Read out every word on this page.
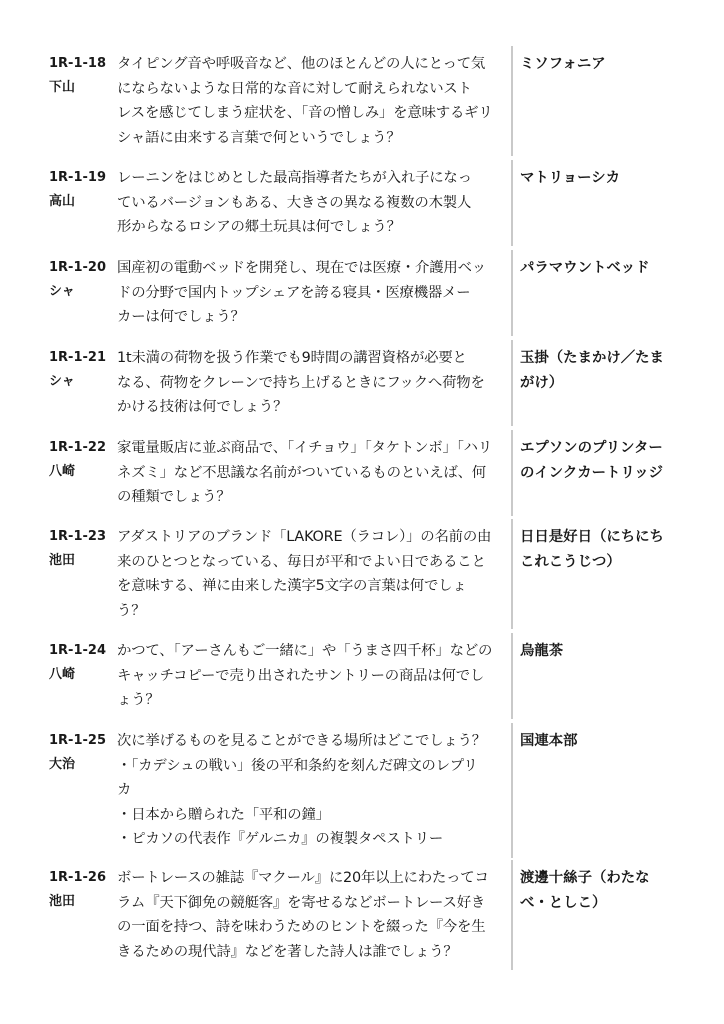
1R-1-18
下山
タイピング音や呼吸音など、他のほとんどの人にとって気
にならないような日常的な音に対して耐えられないスト
レスを感じてしまう症状を、「音の憎しみ」を意味するギリ
シャ語に由来する言葉で何というでしょう？
ミソフォニア
1R-1-19
高山
レーニンをはじめとした最高指導者たちが入れ子になっ
ているバージョンもある、大きさの異なる複数の木製人
形からなるロシアの郷土玩具は何でしょう？
マトリョーシカ
1R-1-20
シャ
国産初の電動ベッドを開発し、現在では医療・介護用ベッ
ドの分野で国内トップシェアを誇る寝具・医療機器メー
カーは何でしょう？
パラマウントベッド
1R-1-21
シャ
1t未満の荷物を扱う作業でも9時間の講習資格が必要と
なる、荷物をクレーンで持ち上げるときにフックへ荷物を
かける技術は何でしょう？
玉掛（たまかけ／たま
がけ）
1R-1-22
八崎
家電量販店に並ぶ商品で、「イチョウ」「タケトンボ」「ハリ
ネズミ」など不思議な名前がついているものといえば、何
の種類でしょう？
エプソンのプリンター
のインクカートリッジ
1R-1-23
池田
アダストリアのブランド「LAKORE（ラコレ）」の名前の由
来のひとつとなっている、毎日が平和でよい日であること
を意味する、禅に由来した漢字5文字の言葉は何でしょ
う？
日日是好日（にちにち
これこうじつ）
1R-1-24
八崎
かつて、「アーさんもご一緒に」や「うまさ四千杯」などの
キャッチコピーで売り出されたサントリーの商品は何でし
ょう？
烏龍茶
1R-1-25
大治
次に挙げるものを見ることができる場所はどこでしょう？
・「カデシュの戦い」後の平和条約を刻んだ碑文のレプリ
カ
・日本から贈られた「平和の鐘」
・ピカソの代表作『ゲルニカ』の複製タペストリー
国連本部
1R-1-26
池田
ボートレースの雑誌『マクール』に20年以上にわたってコ
ラム『天下御免の競艇客』を寄せるなどボートレース好き
の一面を持つ、詩を味わうためのヒントを綴った『今を生
きるための現代詩』などを著した詩人は誰でしょう？
渡邊十絲子（わたな
べ・としこ）
